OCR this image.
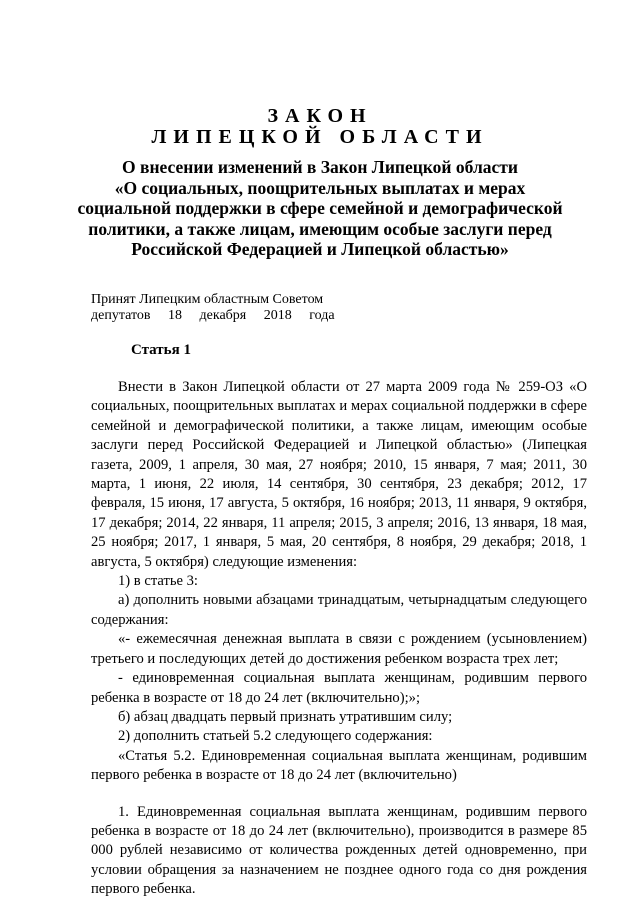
ЗАКОН
ЛИПЕЦКОЙ ОБЛАСТИ
О внесении изменений в Закон Липецкой области
«О социальных, поощрительных выплатах и мерах
социальной поддержки в сфере семейной и демографической
политики, а также лицам, имеющим особые заслуги перед
Российской Федерацией и Липецкой областью»
Принят Липецким областным Советом
депутатов 18 декабря 2018 года
Статья 1

Внести в Закон Липецкой области от 27 марта 2009 года № 259-ОЗ «О социальных, поощрительных выплатах и мерах социальной поддержки в сфере семейной и демографической политики, а также лицам, имеющим особые заслуги перед Российской Федерацией и Липецкой областью» (Липецкая газета, 2009, 1 апреля, 30 мая, 27 ноября; 2010, 15 января, 7 мая; 2011, 30 марта, 1 июня, 22 июля, 14 сентября, 30 сентября, 23 декабря; 2012, 17 февраля, 15 июня, 17 августа, 5 октября, 16 ноября; 2013, 11 января, 9 октября, 17 декабря; 2014, 22 января, 11 апреля; 2015, 3 апреля; 2016, 13 января, 18 мая, 25 ноября; 2017, 1 января, 5 мая, 20 сентября, 8 ноября, 29 декабря; 2018, 1 августа, 5 октября) следующие изменения:

1) в статье 3:

а) дополнить новыми абзацами тринадцатым, четырнадцатым следующего содержания:

«- ежемесячная денежная выплата в связи с рождением (усыновлением) третьего и последующих детей до достижения ребенком возраста трех лет;

- единовременная социальная выплата женщинам, родившим первого ребенка в возрасте от 18 до 24 лет (включительно);»;

б) абзац двадцать первый признать утратившим силу;

2) дополнить статьей 5.2 следующего содержания:

«Статья 5.2. Единовременная социальная выплата женщинам, родившим первого ребенка в возрасте от 18 до 24 лет (включительно)

1. Единовременная социальная выплата женщинам, родившим первого ребенка в возрасте от 18 до 24 лет (включительно), производится в размере 85 000 рублей независимо от количества рожденных детей одновременно, при условии обращения за назначением не позднее одного года со дня рождения первого ребенка.
